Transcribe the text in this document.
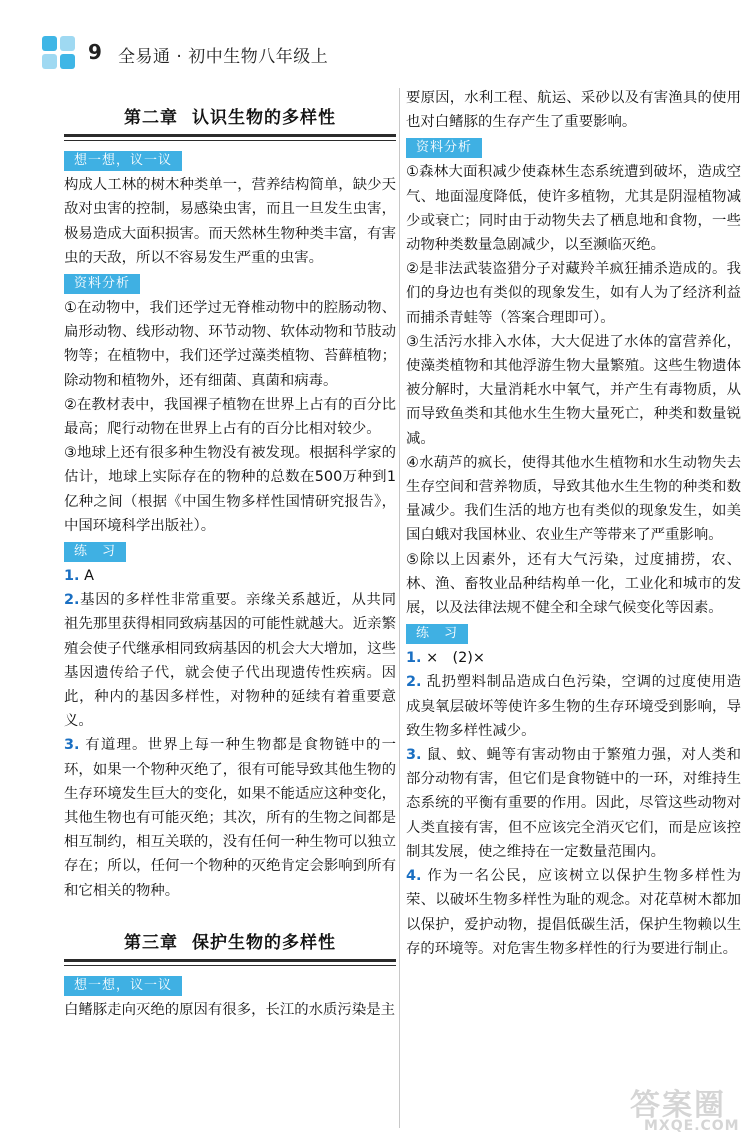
9 全易通 · 初中生物八年级上
第二章 认识生物的多样性
想一想，议一议

构成人工林的树木种类单一，营养结构简单，缺少天敌对虫害的控制，易感染虫害，而且一旦发生虫害，极易造成大面积损害。而天然林生物种类丰富，有害虫的天敌，所以不容易发生严重的虫害。

资料分析

①在动物中，我们还学过无脊椎动物中的腔肠动物、扁形动物、线形动物、环节动物、软体动物和节肢动物等；在植物中，我们还学过藻类植物、苔藓植物；除动物和植物外，还有细菌、真菌和病毒。

②在教材表中，我国裸子植物在世界上占有的百分比最高；爬行动物在世界上占有的百分比相对较少。

③地球上还有很多种生物没有被发现。根据科学家的估计，地球上实际存在的物种的总数在500万种到1亿种之间（根据《中国生物多样性国情研究报告》，中国环境科学出版社）。

练　习

1. A

2.基因的多样性非常重要。亲缘关系越近，从共同祖先那里获得相同致病基因的可能性就越大。近亲繁殖会使子代继承相同致病基因的机会大大增加，这些基因遗传给子代，就会使子代出现遗传性疾病。因此，种内的基因多样性，对物种的延续有着重要意义。

3. 有道理。世界上每一种生物都是食物链中的一环，如果一个物种灭绝了，很有可能导致其他生物的生存环境发生巨大的变化，如果不能适应这种变化，其他生物也有可能灭绝；其次，所有的生物之间都是相互制约，相互关联的，没有任何一种生物可以独立存在；所以，任何一个物种的灭绝肯定会影响到所有和它相关的物种。

第三章 保护生物的多样性
想一想，议一议

白鳍豚走向灭绝的原因有很多，长江的水质污染是主

要原因，水利工程、航运、采砂以及有害渔具的使用也对白鳍豚的生存产生了重要影响。

资料分析

①森林大面积减少使森林生态系统遭到破坏，造成空气、地面湿度降低，使许多植物，尤其是阴湿植物减少或衰亡；同时由于动物失去了栖息地和食物，一些动物种类数量急剧减少，以至濒临灭绝。

②是非法武装盗猎分子对藏羚羊疯狂捕杀造成的。我们的身边也有类似的现象发生，如有人为了经济利益而捕杀青蛙等（答案合理即可）。

③生活污水排入水体，大大促进了水体的富营养化，使藻类植物和其他浮游生物大量繁殖。这些生物遗体被分解时，大量消耗水中氧气，并产生有毒物质，从而导致鱼类和其他水生生物大量死亡，种类和数量锐减。

④水葫芦的疯长，使得其他水生植物和水生动物失去生存空间和营养物质，导致其他水生生物的种类和数量减少。我们生活的地方也有类似的现象发生，如美国白蛾对我国林业、农业生产等带来了严重影响。

⑤除以上因素外，还有大气污染，过度捕捞，农、林、渔、畜牧业品种结构单一化，工业化和城市的发展，以及法律法规不健全和全球气候变化等因素。

练　习

1. ×　(2)×

2. 乱扔塑料制品造成白色污染，空调的过度使用造成臭氧层破坏等使许多生物的生存环境受到影响，导致生物多样性减少。

3. 鼠、蚊、蝇等有害动物由于繁殖力强，对人类和部分动物有害，但它们是食物链中的一环，对维持生态系统的平衡有重要的作用。因此，尽管这些动物对人类直接有害，但不应该完全消灭它们，而是应该控制其发展，使之维持在一定数量范围内。

4. 作为一名公民，应该树立以保护生物多样性为荣、以破坏生物多样性为耻的观念。对花草树木都加以保护，爱护动物，提倡低碳生活，保护生物赖以生存的环境等。对危害生物多样性的行为要进行制止。

答案圈
MXQE.COM
